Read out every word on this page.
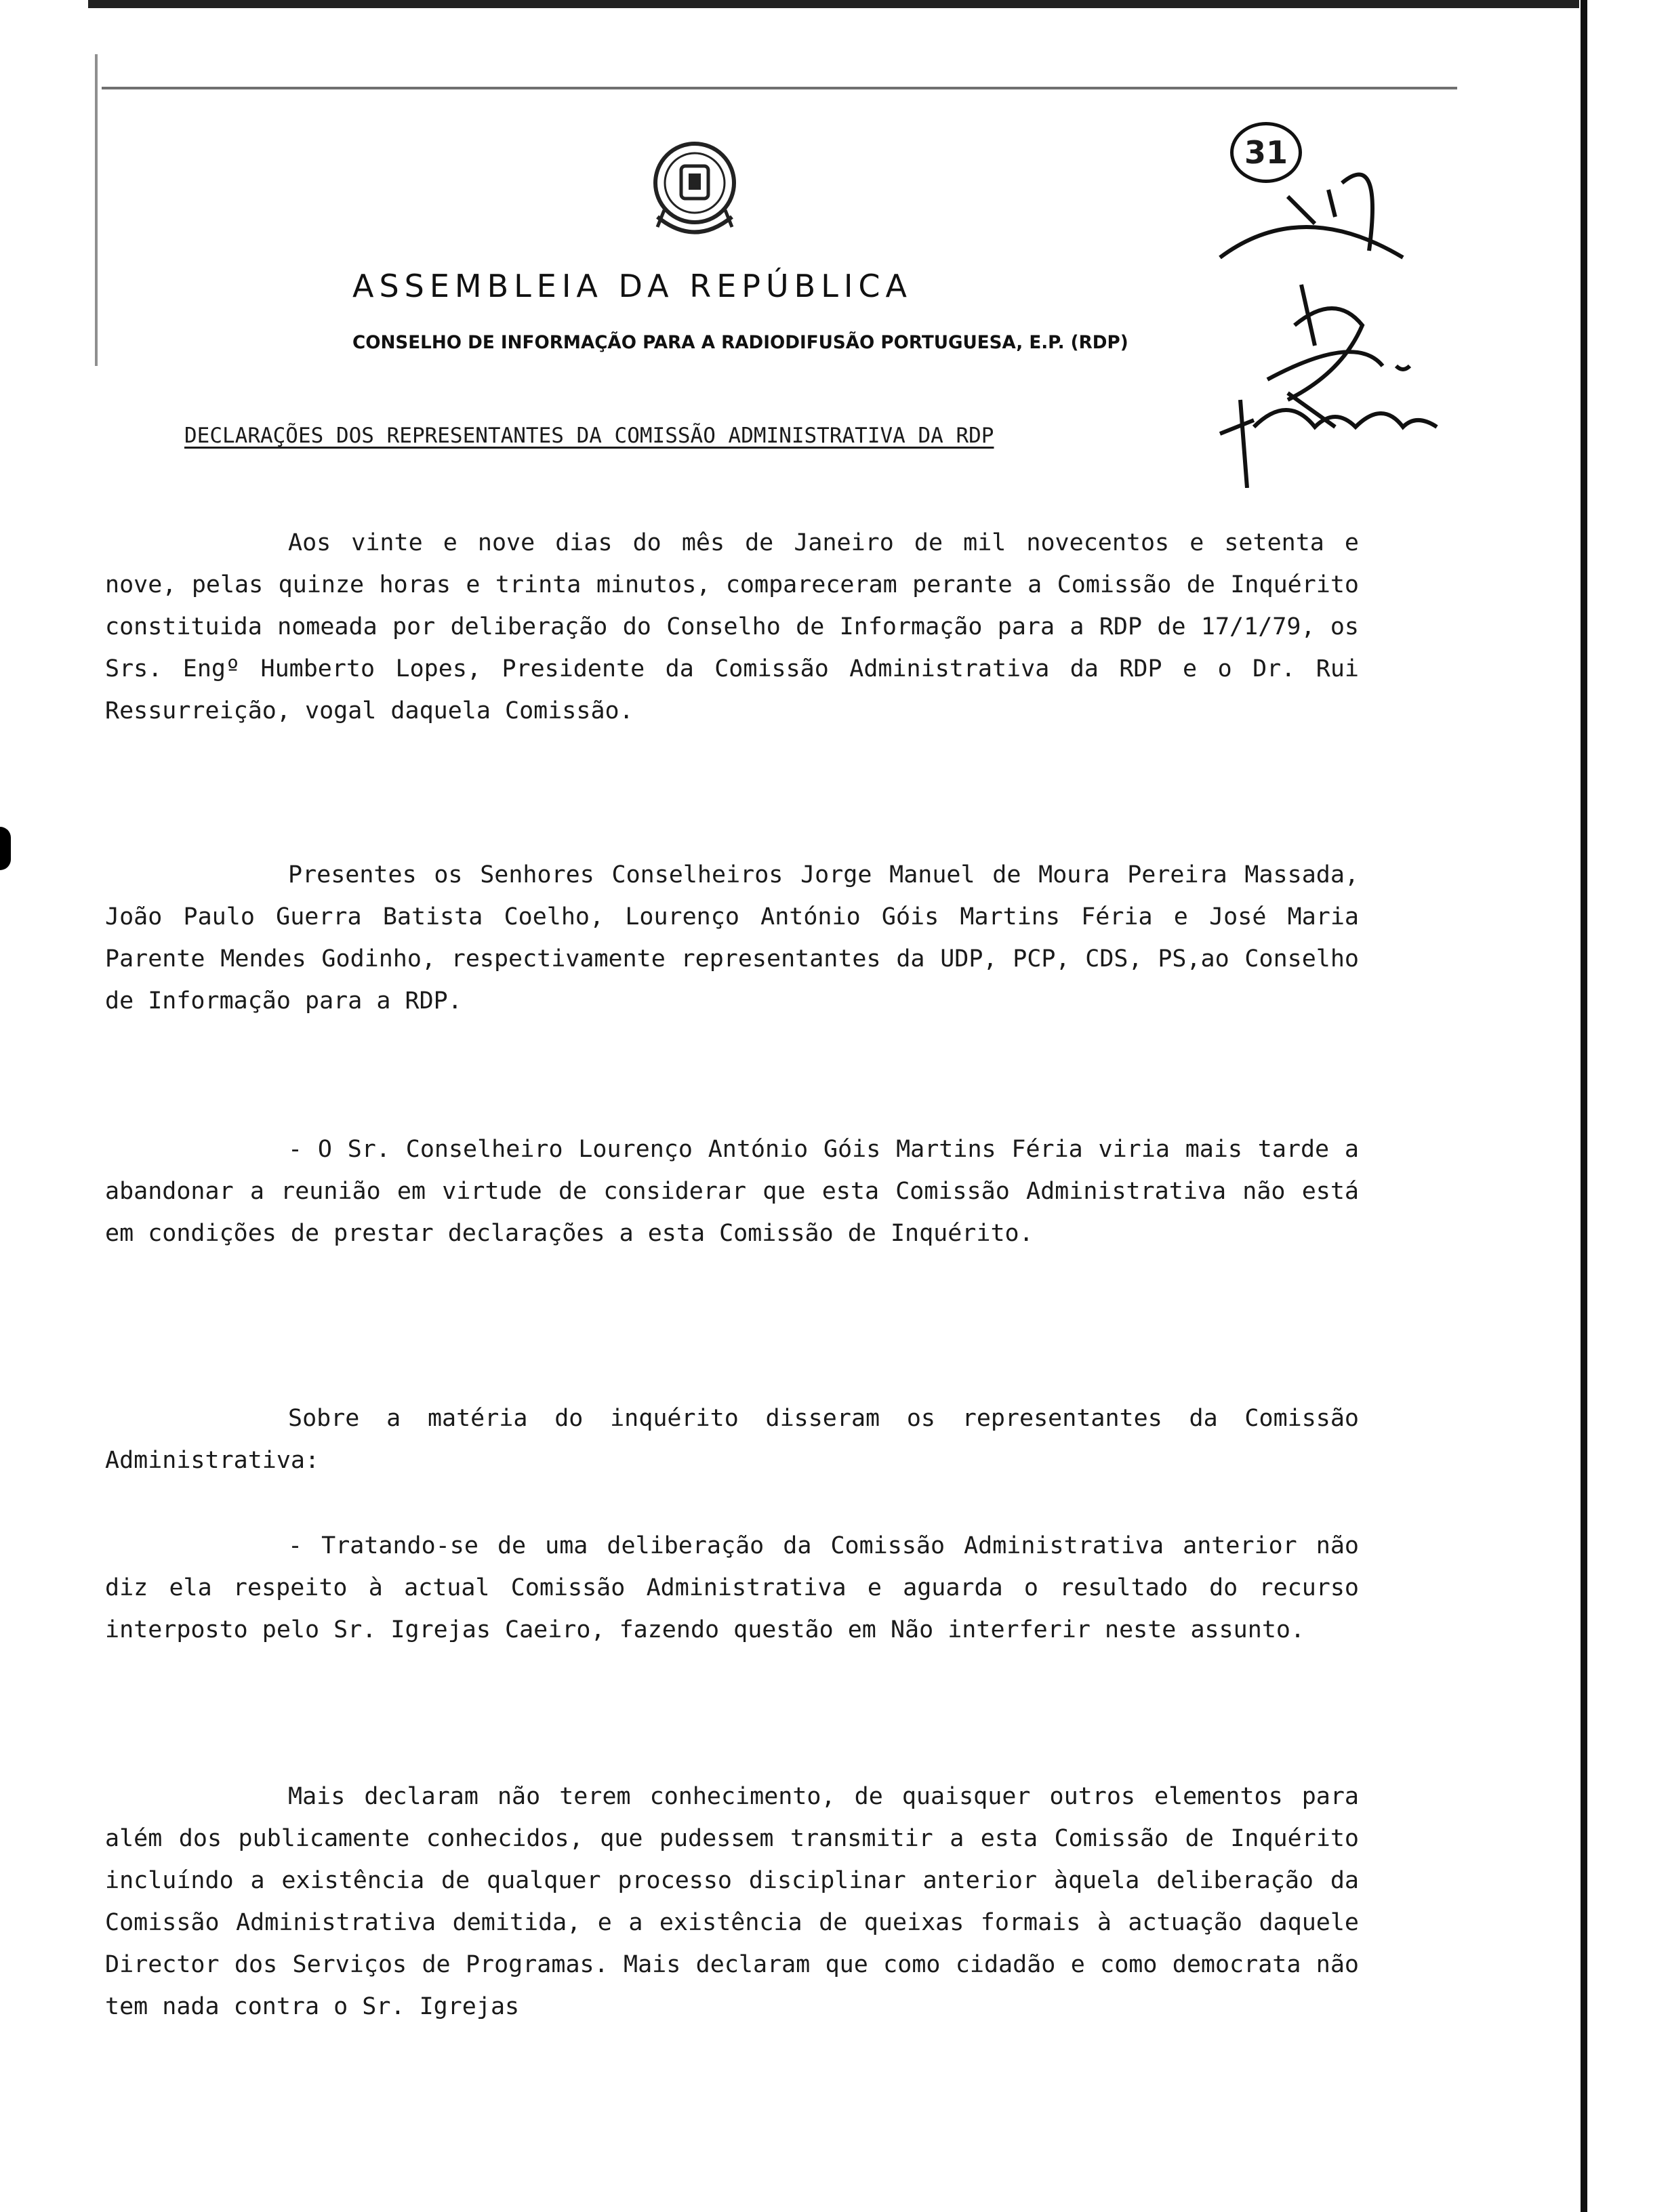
ASSEMBLEIA DA REPÚBLICA
CONSELHO DE INFORMAÇÃO PARA A RADIODIFUSÃO PORTUGUESA, E.P. (RDP)
31
DECLARAÇÕES DOS REPRESENTANTES DA COMISSÃO ADMINISTRATIVA DA RDP

Aos vinte e nove dias do mês de Janeiro de mil novecentos e setenta e nove, pelas quinze horas e trinta minutos, compareceram perante a Comissão de Inquérito constituida nomeada por deliberação do Conselho de Informação para a RDP de 17/1/79, os Srs. Engº Humberto Lopes, Presidente da Comissão Administrativa da RDP e o Dr. Rui Ressurreição, vogal daquela Comissão.

Presentes os Senhores Conselheiros Jorge Manuel de Moura Pereira Massada, João Paulo Guerra Batista Coelho, Lourenço António Góis Martins Féria e José Maria Parente Mendes Godinho, respectivamente representantes da UDP, PCP, CDS, PS,ao Conselho de Informação para a RDP.

- O Sr. Conselheiro Lourenço António Góis Martins Féria viria mais tarde a abandonar a reunião em virtude de considerar que esta Comissão Administrativa não está em condições de prestar declarações a esta Comissão de Inquérito.

Sobre a matéria do inquérito disseram os representantes da Comissão Administrativa:

- Tratando-se de uma deliberação da Comissão Administrativa anterior não diz ela respeito à actual Comissão Administrativa e aguarda o resultado do recurso interposto pelo Sr. Igrejas Caeiro, fazendo questão em Não interferir neste assunto.

Mais declaram não terem conhecimento, de quaisquer outros elementos para além dos publicamente conhecidos, que pudessem transmitir a esta Comissão de Inquérito incluíndo a existência de qualquer processo disciplinar anterior àquela deliberação da Comissão Administrativa demitida, e a existência de queixas formais à actuação daquele Director dos Serviços de Programas. Mais declaram que como cidadão e como democrata não tem nada contra o Sr. Igrejas
